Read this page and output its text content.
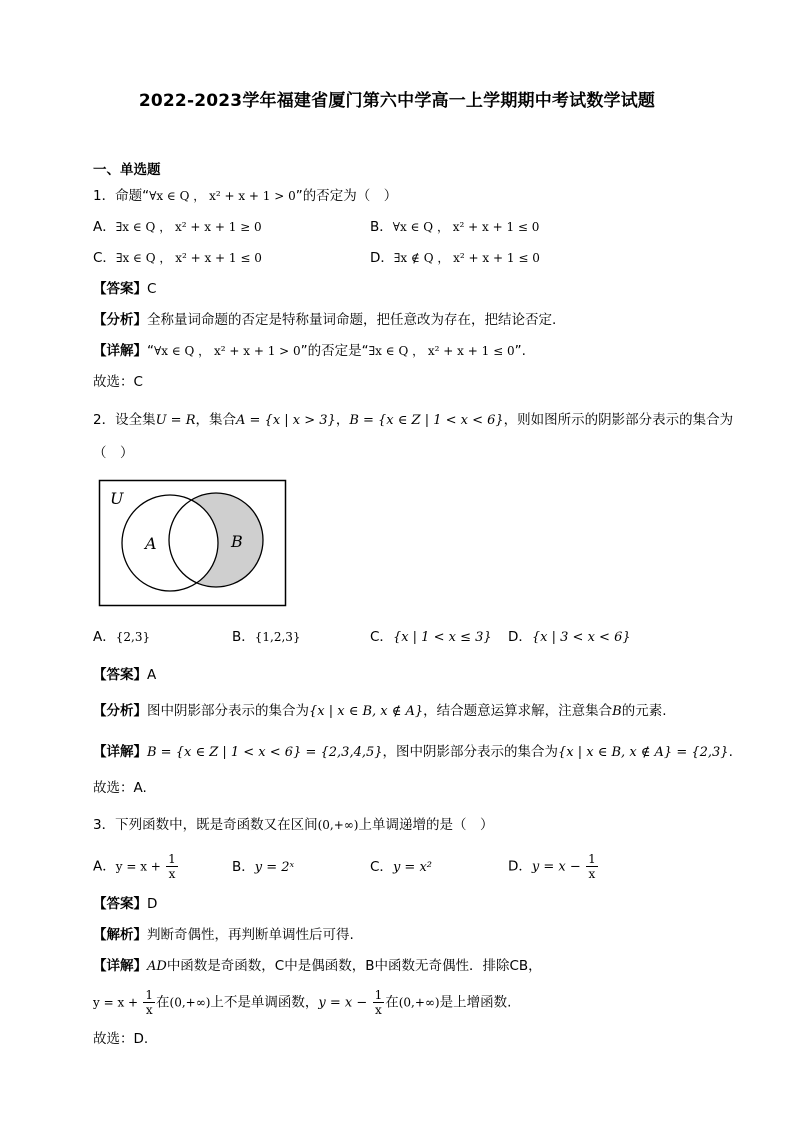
2022-2023学年福建省厦门第六中学高一上学期期中考试数学试题
一、单选题
1．命题“∀x ∈ Q ， x² + x + 1 > 0”的否定为（　）
A．∃x ∈ Q ， x² + x + 1 ≥ 0	B．∀x ∈ Q ， x² + x + 1 ≤ 0
C．∃x ∈ Q ， x² + x + 1 ≤ 0	D．∃x ∉ Q ， x² + x + 1 ≤ 0
【答案】C
【分析】全称量词命题的否定是特称量词命题，把任意改为存在，把结论否定.
【详解】“∀x ∈ Q ， x² + x + 1 > 0”的否定是“∃x ∈ Q ， x² + x + 1 ≤ 0”.
故选：C
2．设全集U = R，集合A = {x | x > 3}，B = {x ∈ Z | 1 < x < 6}，则如图所示的阴影部分表示的集合为
（　）
U
A	B
A．{2,3}	B．{1,2,3}	C．{x | 1 < x ≤ 3} D．{x | 3 < x < 6}
【答案】A
【分析】图中阴影部分表示的集合为{x | x ∈ B, x ∉ A}，结合题意运算求解，注意集合B的元素.
【详解】B = {x ∈ Z | 1 < x < 6} = {2,3,4,5}，图中阴影部分表示的集合为{x | x ∈ B, x ∉ A} = {2,3}.
故选：A.
3．下列函数中，既是奇函数又在区间(0,+∞)上单调递增的是（　）
A．$y = x + \frac{1}{x}$	B．y = 2ˣ	C．y = x²	D．$y = x - \frac{1}{x}$
【答案】D
【解析】判断奇偶性，再判断单调性后可得.
【详解】AD中函数是奇函数，C中是偶函数，B中函数无奇偶性．排除CB，
$y = x + \frac{1}{x}$ 在(0,+∞)上不是单调函数，$y = x - \frac{1}{x}$ 在(0,+∞)是上增函数.
故选：D.
